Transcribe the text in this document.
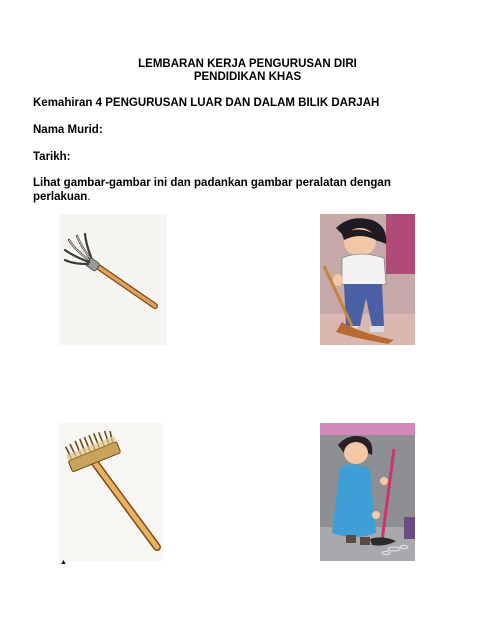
LEMBARAN KERJA PENGURUSAN DIRI
PENDIDIKAN KHAS
Kemahiran 4 PENGURUSAN LUAR DAN DALAM BILIK DARJAH
Nama Murid:
Tarikh:
Lihat gambar-gambar ini dan padankan gambar peralatan dengan perlakuan.
▲
